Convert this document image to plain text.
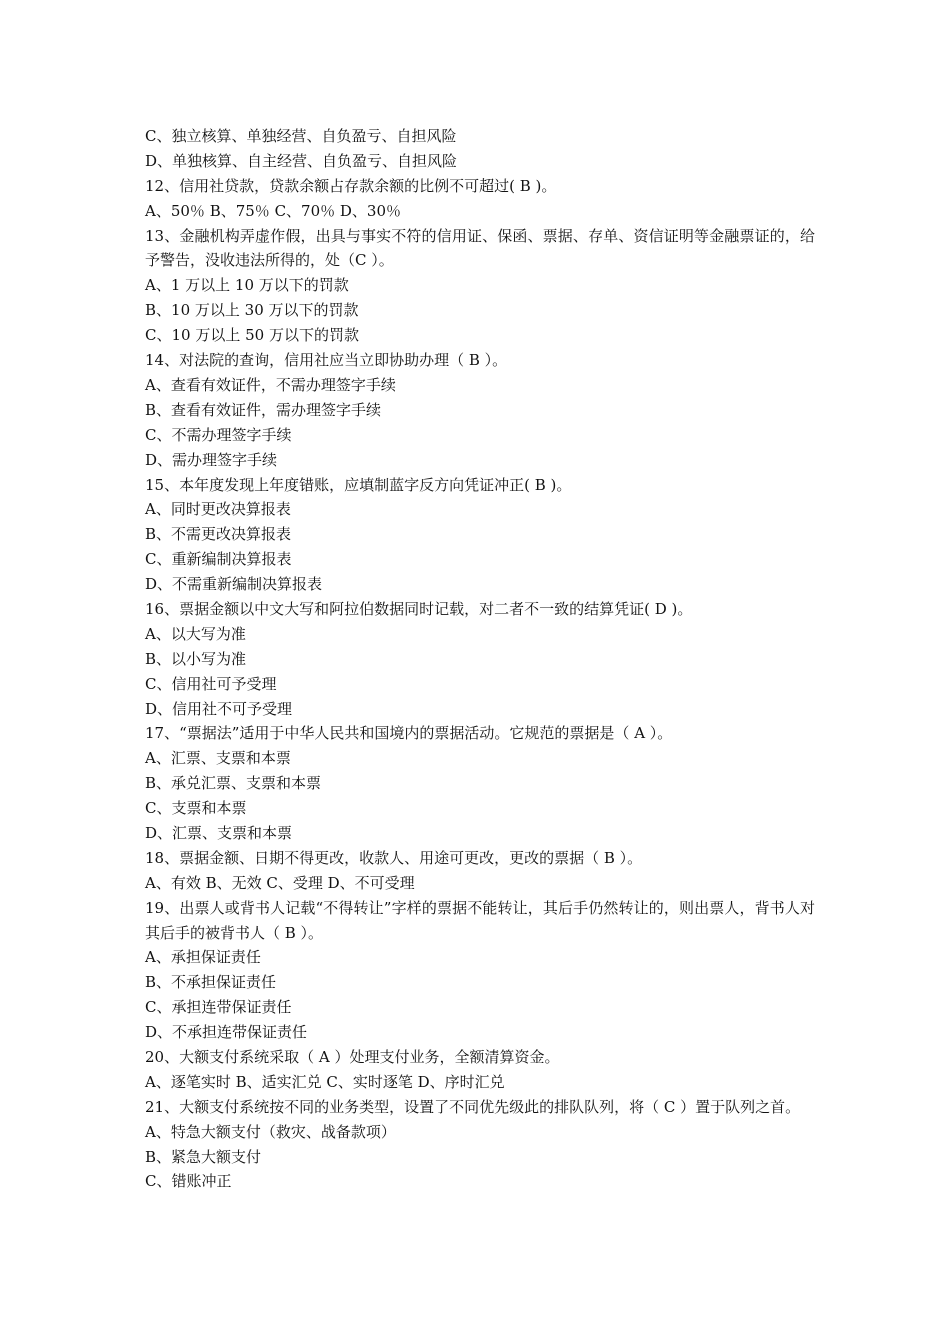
C、独立核算、单独经营、自负盈亏、自担风险
D、单独核算、自主经营、自负盈亏、自担风险
12、信用社贷款，贷款余额占存款余额的比例不可超过( B )。
A、50％ B、75％ C、70％ D、30％
13、金融机构弄虚作假，出具与事实不符的信用证、保函、票据、存单、资信证明等金融票证的，给予警告，没收违法所得的，处（C ）。
A、1 万以上 10 万以下的罚款
B、10 万以上 30 万以下的罚款
C、10 万以上 50 万以下的罚款
14、对法院的查询，信用社应当立即协助办理（ B ）。
A、查看有效证件，不需办理签字手续
B、查看有效证件，需办理签字手续
C、不需办理签字手续
D、需办理签字手续
15、本年度发现上年度错账，应填制蓝字反方向凭证冲正( B )。
A、同时更改决算报表
B、不需更改决算报表
C、重新编制决算报表
D、不需重新编制决算报表
16、票据金额以中文大写和阿拉伯数据同时记载，对二者不一致的结算凭证( D )。
A、以大写为准
B、以小写为准
C、信用社可予受理
D、信用社不可予受理
17、“票据法”适用于中华人民共和国境内的票据活动。它规范的票据是（ A ）。
A、汇票、支票和本票
B、承兑汇票、支票和本票
C、支票和本票
D、汇票、支票和本票
18、票据金额、日期不得更改，收款人、用途可更改，更改的票据（ B ）。
A、有效 B、无效 C、受理 D、不可受理
19、出票人或背书人记载“不得转让”字样的票据不能转让，其后手仍然转让的，则出票人，背书人对其后手的被背书人（ B ）。
A、承担保证责任
B、不承担保证责任
C、承担连带保证责任
D、不承担连带保证责任
20、大额支付系统采取（ A ）处理支付业务，全额清算资金。
A、逐笔实时 B、适实汇兑 C、实时逐笔 D、序时汇兑
21、大额支付系统按不同的业务类型，设置了不同优先级此的排队队列，将（ C ）置于队列之首。
A、特急大额支付（救灾、战备款项）
B、紧急大额支付
C、错账冲正
